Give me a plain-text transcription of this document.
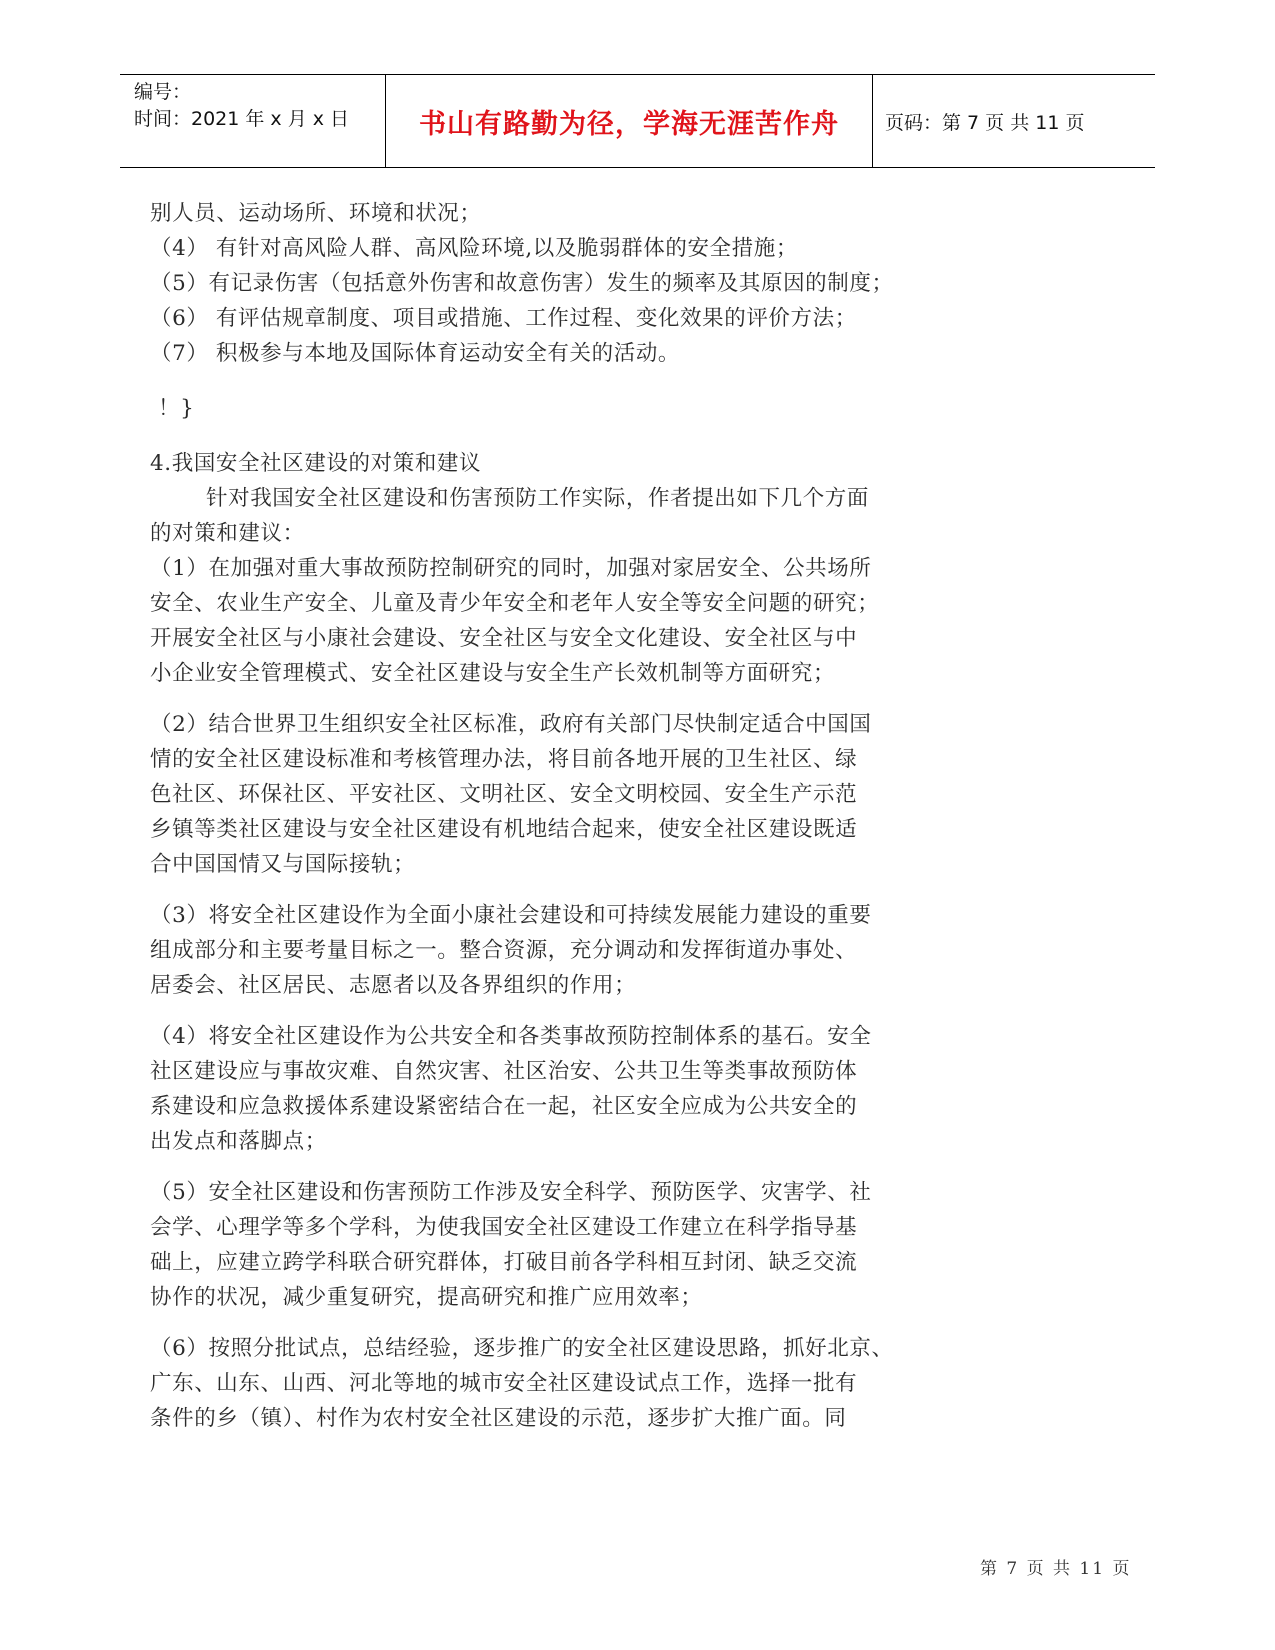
编号：
时间：2021 年 x 月 x 日	书山有路勤为径，学海无涯苦作舟 页码：第 7 页 共 11 页
别人员、运动场所、环境和状况；
（4） 有针对高风险人群、高风险环境,以及脆弱群体的安全措施；
（5）有记录伤害（包括意外伤害和故意伤害）发生的频率及其原因的制度；
（6） 有评估规章制度、项目或措施、工作过程、变化效果的评价方法；
（7） 积极参与本地及国际体育运动安全有关的活动。
！}
4.我国安全社区建设的对策和建议
针对我国安全社区建设和伤害预防工作实际，作者提出如下几个方面
的对策和建议：
（1）在加强对重大事故预防控制研究的同时，加强对家居安全、公共场所
安全、农业生产安全、儿童及青少年安全和老年人安全等安全问题的研究；
开展安全社区与小康社会建设、安全社区与安全文化建设、安全社区与中
小企业安全管理模式、安全社区建设与安全生产长效机制等方面研究；
（2）结合世界卫生组织安全社区标准，政府有关部门尽快制定适合中国国
情的安全社区建设标准和考核管理办法，将目前各地开展的卫生社区、绿
色社区、环保社区、平安社区、文明社区、安全文明校园、安全生产示范
乡镇等类社区建设与安全社区建设有机地结合起来，使安全社区建设既适
合中国国情又与国际接轨；
（3）将安全社区建设作为全面小康社会建设和可持续发展能力建设的重要
组成部分和主要考量目标之一。整合资源，充分调动和发挥街道办事处、
居委会、社区居民、志愿者以及各界组织的作用；
（4）将安全社区建设作为公共安全和各类事故预防控制体系的基石。安全
社区建设应与事故灾难、自然灾害、社区治安、公共卫生等类事故预防体
系建设和应急救援体系建设紧密结合在一起，社区安全应成为公共安全的
出发点和落脚点；
（5）安全社区建设和伤害预防工作涉及安全科学、预防医学、灾害学、社
会学、心理学等多个学科，为使我国安全社区建设工作建立在科学指导基
础上，应建立跨学科联合研究群体，打破目前各学科相互封闭、缺乏交流
协作的状况，减少重复研究，提高研究和推广应用效率；
（6）按照分批试点，总结经验，逐步推广的安全社区建设思路，抓好北京、
广东、山东、山西、河北等地的城市安全社区建设试点工作，选择一批有
条件的乡（镇）、村作为农村安全社区建设的示范，逐步扩大推广面。同
第 7 页 共 11 页
